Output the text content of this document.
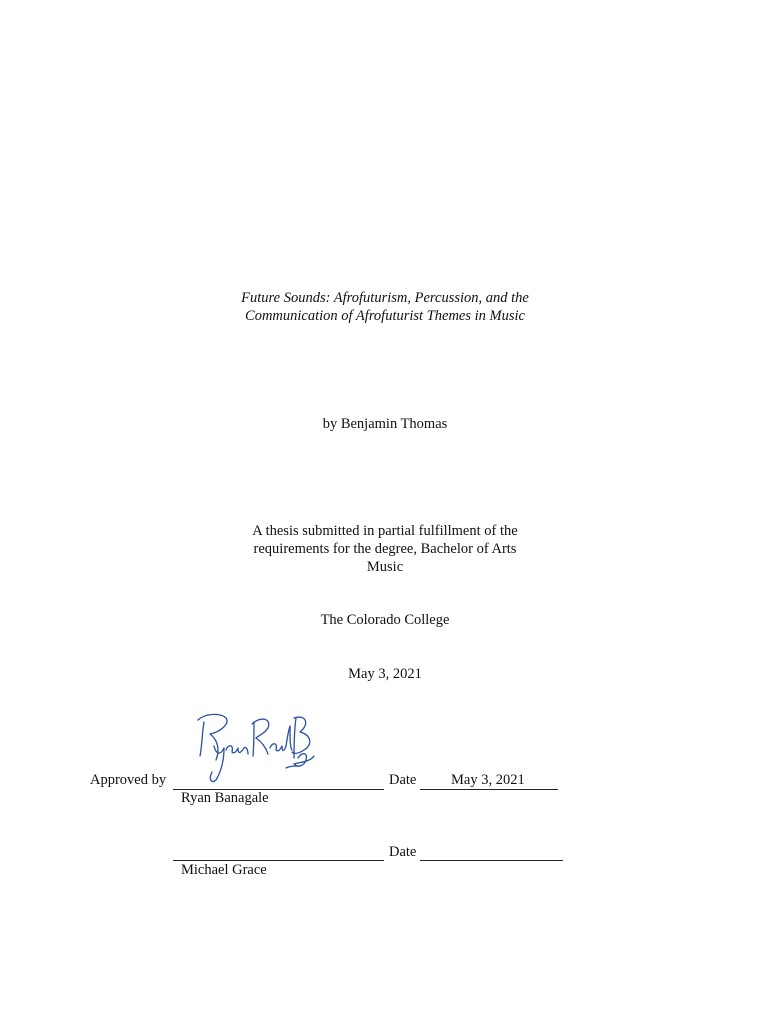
Future Sounds: Afrofuturism, Percussion, and the
Communication of Afrofuturist Themes in Music
by Benjamin Thomas
A thesis submitted in partial fulfillment of the
requirements for the degree, Bachelor of Arts
Music
The Colorado College
May 3, 2021
Approved by	Date May 3, 2021
Ryan Banagale
Date
Michael Grace
